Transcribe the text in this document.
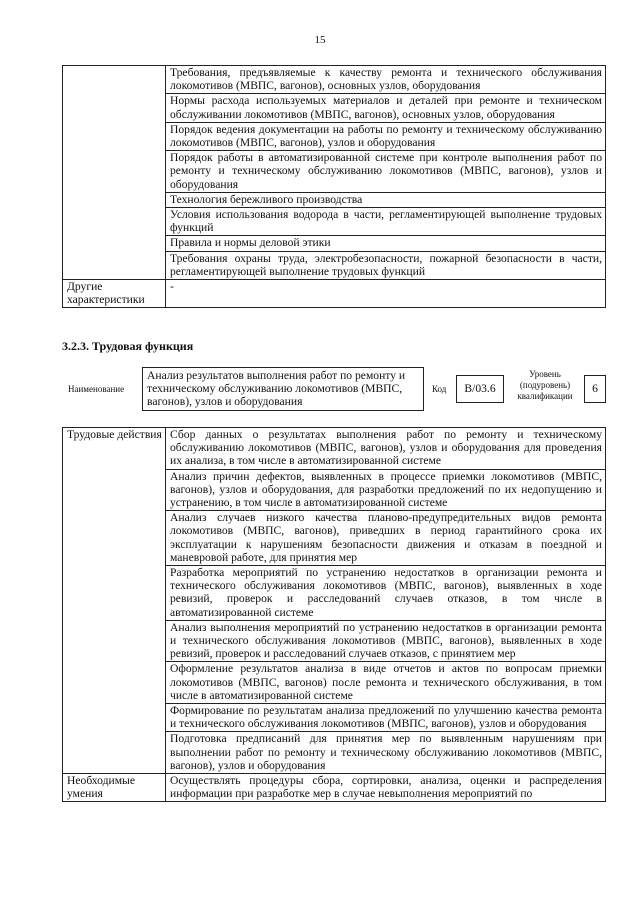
15
	Требования, предъявляемые к качеству ремонта и технического обслуживания локомотивов (МВПС, вагонов), основных узлов, оборудования
	Нормы расхода используемых материалов и деталей при ремонте и техническом обслуживании локомотивов (МВПС, вагонов), основных узлов, оборудования
	Порядок ведения документации на работы по ремонту и техническому обслуживанию локомотивов (МВПС, вагонов), узлов и оборудования
	Порядок работы в автоматизированной системе при контроле выполнения работ по ремонту и техническому обслуживанию локомотивов (МВПС, вагонов), узлов и оборудования
	Технология бережливого производства
	Условия использования водорода в части, регламентирующей выполнение трудовых функций
	Правила и нормы деловой этики
	Требования охраны труда, электробезопасности, пожарной безопасности в части, регламентирующей выполнение трудовых функций
Другие характеристики	-
3.2.3. Трудовая функция
Наименование
Анализ результатов выполнения работ по ремонту и техническому обслуживанию локомотивов (МВПС, вагонов), узлов и оборудования
Код	В/03.6
Уровень (подуровень) квалификации
6
Трудовые действия	Сбор данных о результатах выполнения работ по ремонту и техническому обслуживанию локомотивов (МВПС, вагонов), узлов и оборудования для проведения их анализа, в том числе в автоматизированной системе
	Анализ причин дефектов, выявленных в процессе приемки локомотивов (МВПС, вагонов), узлов и оборудования, для разработки предложений по их недопущению и устранению, в том числе в автоматизированной системе
	Анализ случаев низкого качества планово-предупредительных видов ремонта локомотивов (МВПС, вагонов), приведших в период гарантийного срока их эксплуатации к нарушениям безопасности движения и отказам в поездной и маневровой работе, для принятия мер
	Разработка мероприятий по устранению недостатков в организации ремонта и технического обслуживания локомотивов (МВПС, вагонов), выявленных в ходе ревизий, проверок и расследований случаев отказов, в том числе в автоматизированной системе
	Анализ выполнения мероприятий по устранению недостатков в организации ремонта и технического обслуживания локомотивов (МВПС, вагонов), выявленных в ходе ревизий, проверок и расследований случаев отказов, с принятием мер
	Оформление результатов анализа в виде отчетов и актов по вопросам приемки локомотивов (МВПС, вагонов) после ремонта и технического обслуживания, в том числе в автоматизированной системе
	Формирование по результатам анализа предложений по улучшению качества ремонта и технического обслуживания локомотивов (МВПС, вагонов), узлов и оборудования
	Подготовка предписаний для принятия мер по выявленным нарушениям при выполнении работ по ремонту и техническому обслуживанию локомотивов (МВПС, вагонов), узлов и оборудования
Необходимые умения	Осуществлять процедуры сбора, сортировки, анализа, оценки и распределения информации при разработке мер в случае невыполнения мероприятий по
